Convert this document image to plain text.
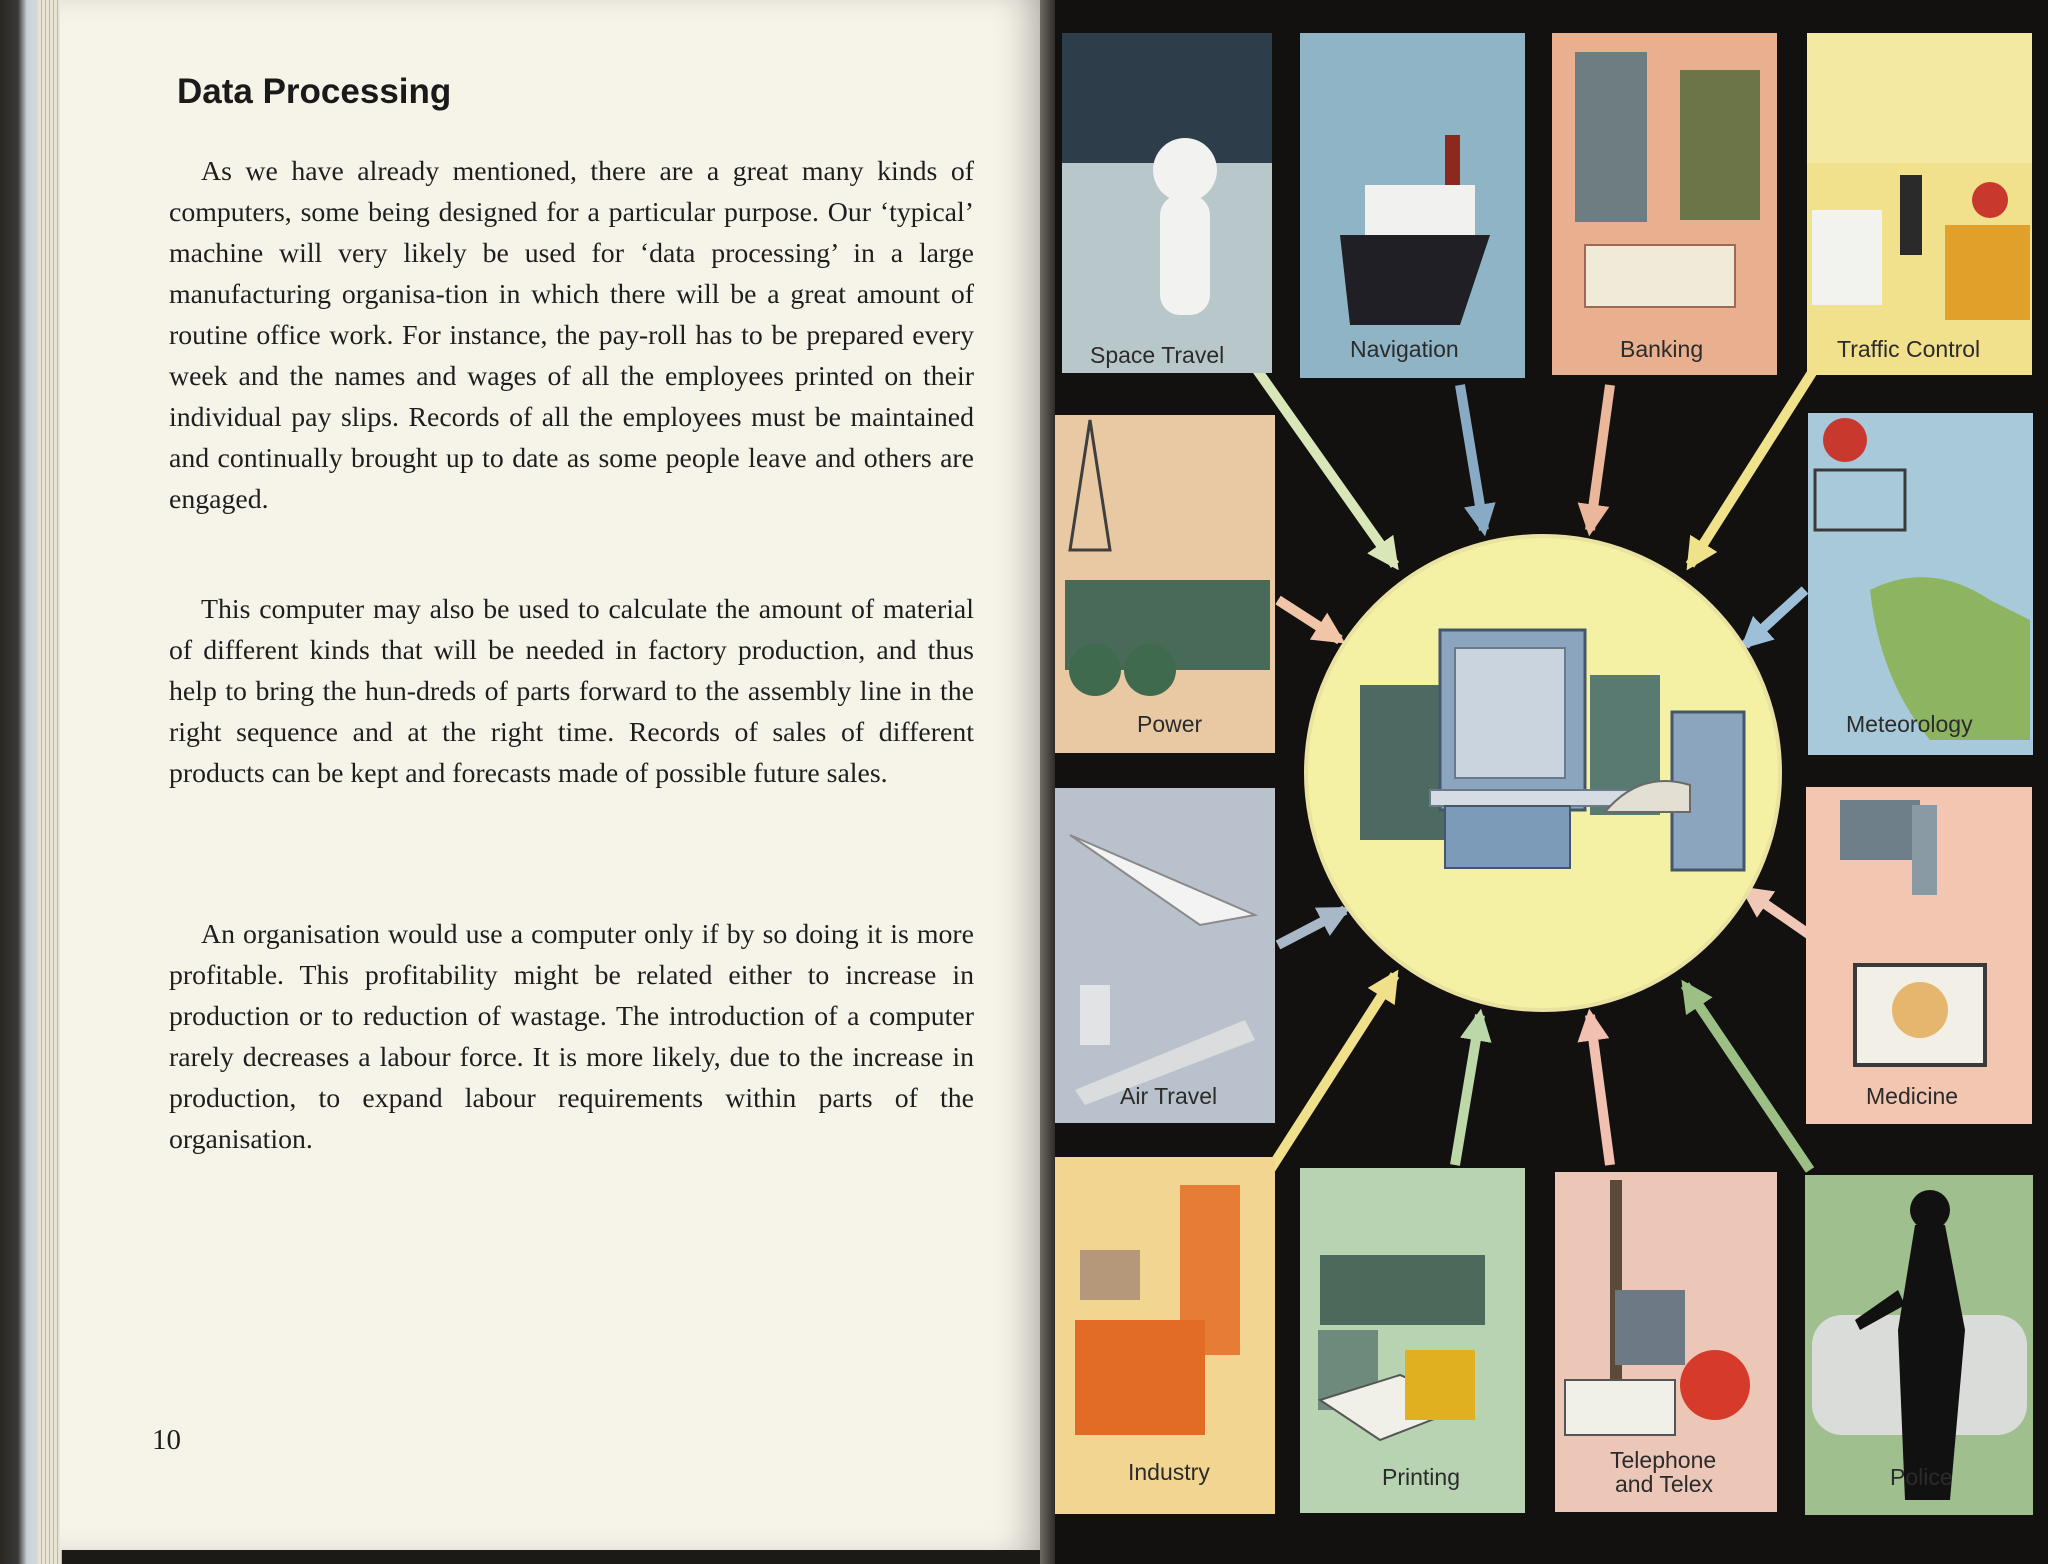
Data Processing

As we have already mentioned, there are a great many kinds of computers, some being designed for a particular purpose. Our ‘typical’ machine will very likely be used for ‘data processing’ in a large manufacturing organisa-tion in which there will be a great amount of routine office work. For instance, the pay-roll has to be prepared every week and the names and wages of all the employees printed on their individual pay slips. Records of all the employees must be maintained and continually brought up to date as some people leave and others are engaged.

This computer may also be used to calculate the amount of material of different kinds that will be needed in factory production, and thus help to bring the hun-dreds of parts forward to the assembly line in the right sequence and at the right time. Records of sales of different products can be kept and forecasts made of possible future sales.

An organisation would use a computer only if by so doing it is more profitable. This profitability might be related either to increase in production or to reduction of wastage. The introduction of a computer rarely decreases a labour force. It is more likely, due to the increase in production, to expand labour requirements within parts of the organisation.

10
Space Travel	Navigation	Banking	Traffic Control
Power	Meteorology
Air Travel	Medicine
Industry	Printing
Telephone
and Telex	Police
